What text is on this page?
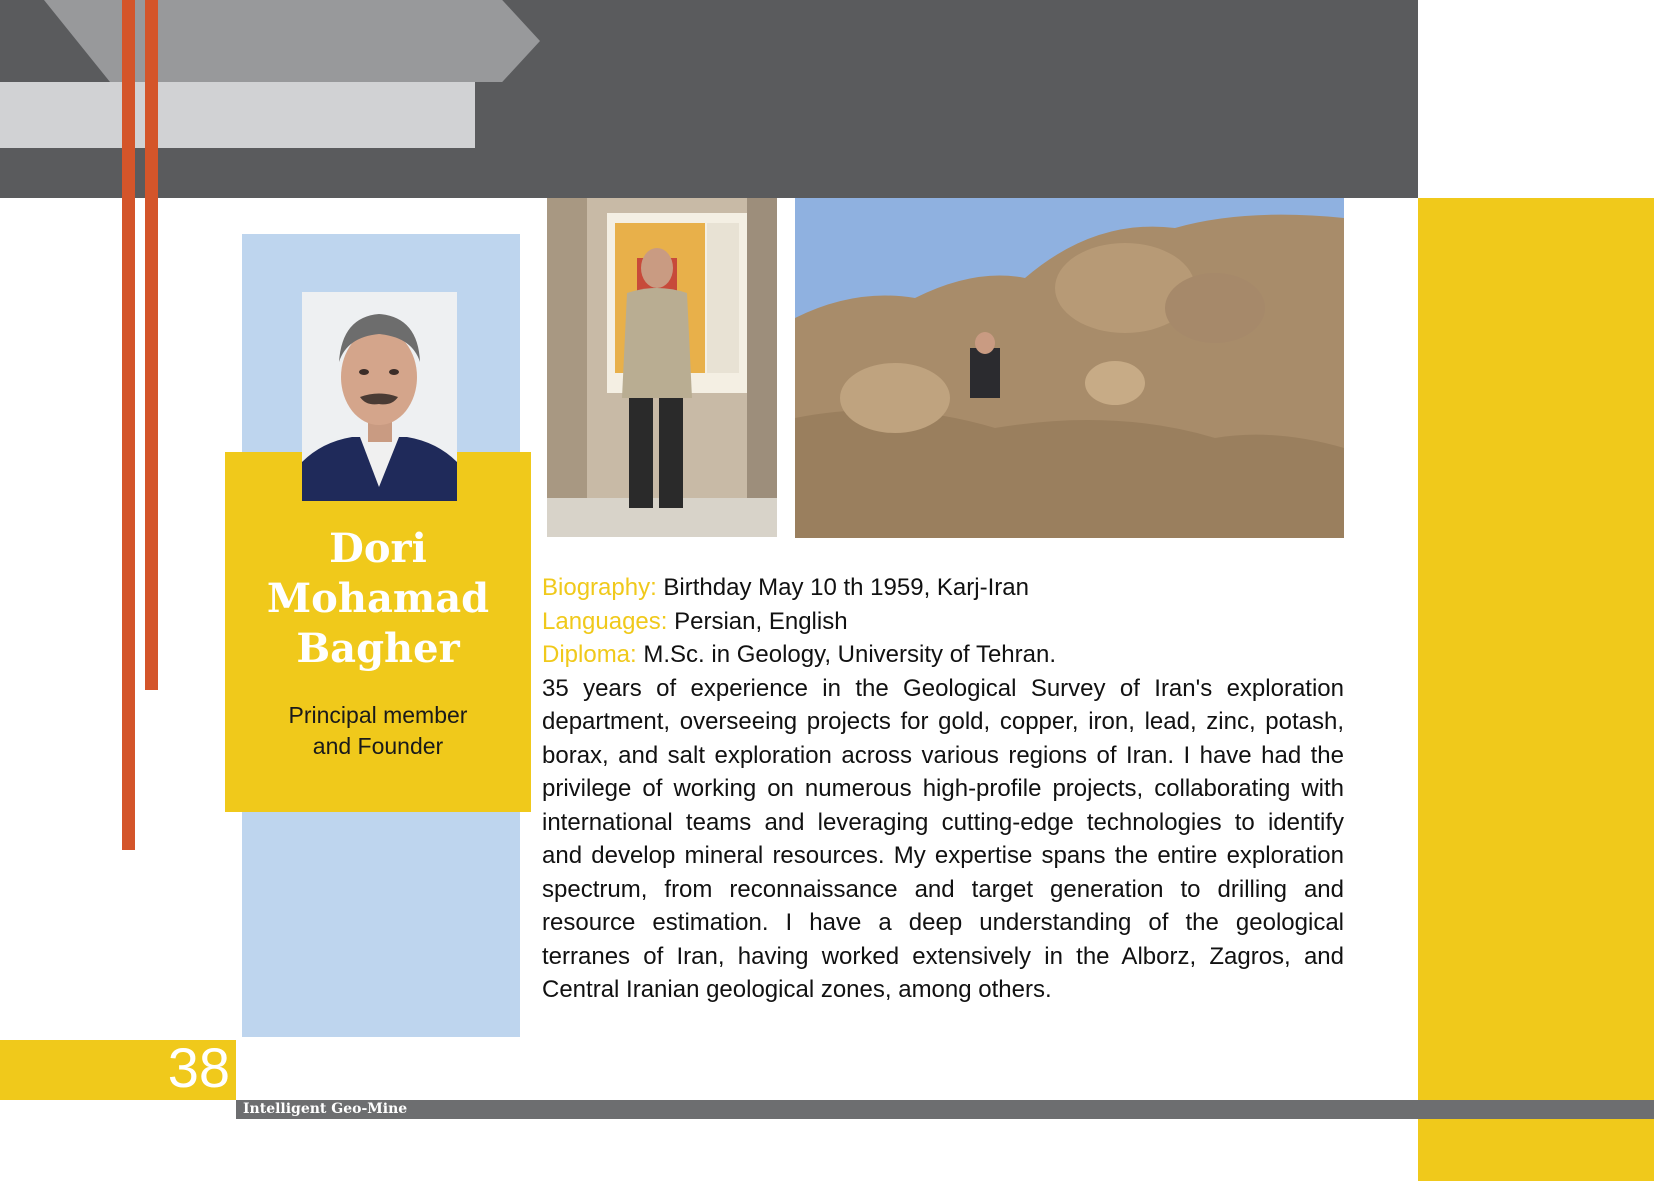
Dori
Mohamad
Bagher
Principal member
and Founder
Biography: Birthday May 10 th 1959, Karj-Iran
Languages: Persian, English
Diploma: M.Sc. in Geology, University of Tehran.
35 years of experience in the Geological Survey of Iran's exploration department, overseeing projects for gold, copper, iron, lead, zinc, potash, borax, and salt exploration across various regions of Iran. I have had the privilege of working on numerous high-profile projects, collaborating with international teams and leveraging cutting-edge technologies to identify and develop mineral resources. My expertise spans the entire exploration spectrum, from reconnaissance and target generation to drilling and resource estimation. I have a deep understanding of the geological terranes of Iran, having worked extensively in the Alborz, Zagros, and Central Iranian geological zones, among others.
38
Intelligent Geo-Mine
